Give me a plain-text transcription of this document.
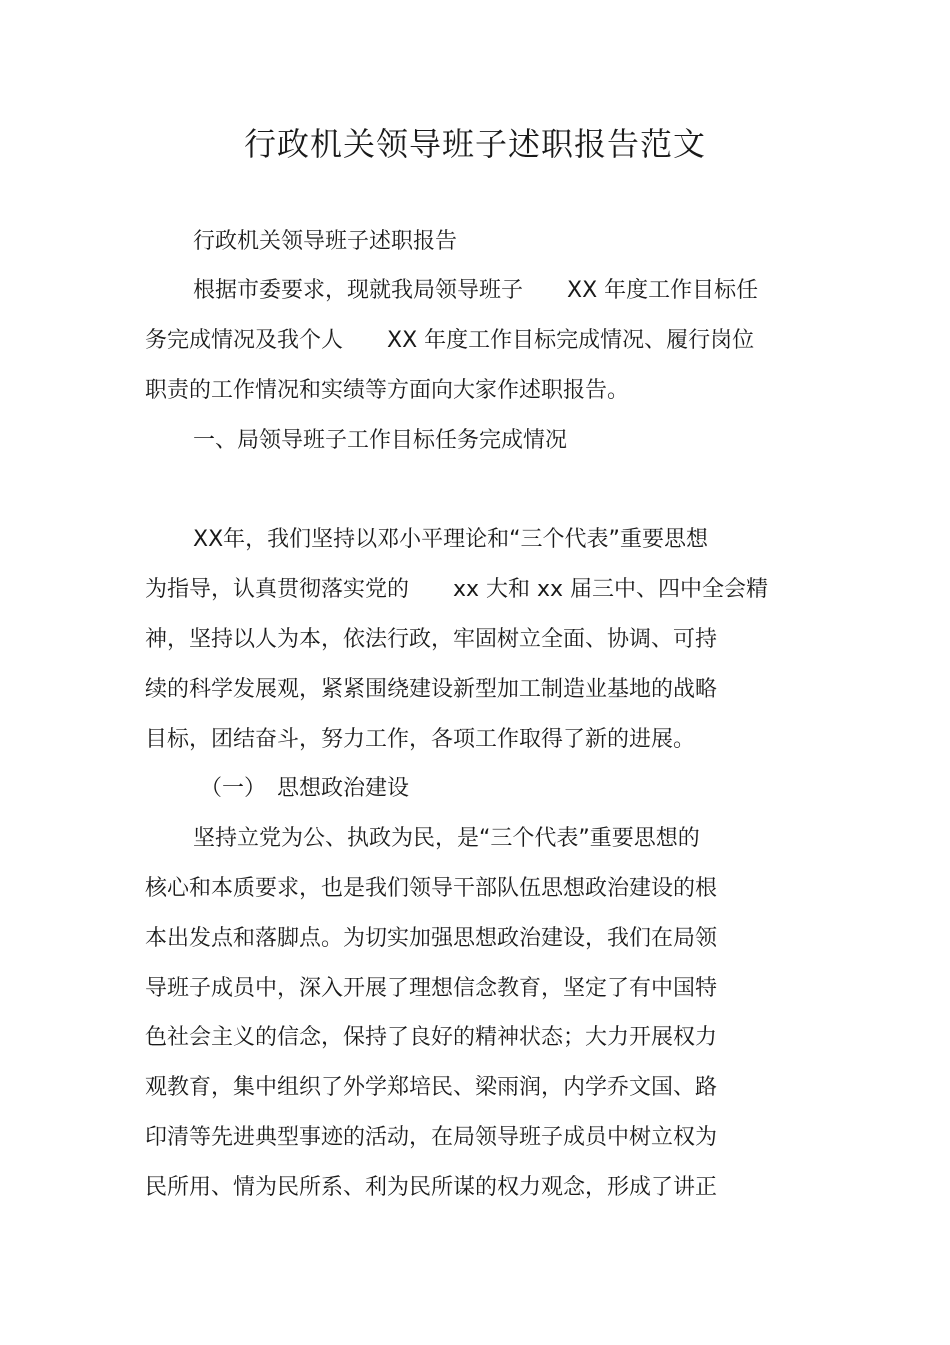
行政机关领导班子述职报告范文
行政机关领导班子述职报告
根据市委要求，现就我局领导班子　　XX 年度工作目标任
务完成情况及我个人　　XX 年度工作目标完成情况、履行岗位
职责的工作情况和实绩等方面向大家作述职报告。
一、局领导班子工作目标任务完成情况
XX年，我们坚持以邓小平理论和“三个代表”重要思想
为指导，认真贯彻落实党的　　xx 大和 xx 届三中、四中全会精
神，坚持以人为本，依法行政，牢固树立全面、协调、可持
续的科学发展观，紧紧围绕建设新型加工制造业基地的战略
目标，团结奋斗，努力工作，各项工作取得了新的进展。
（一）　思想政治建设
坚持立党为公、执政为民，是“三个代表”重要思想的
核心和本质要求，也是我们领导干部队伍思想政治建设的根
本出发点和落脚点。为切实加强思想政治建设，我们在局领
导班子成员中，深入开展了理想信念教育，坚定了有中国特
色社会主义的信念，保持了良好的精神状态；大力开展权力
观教育，集中组织了外学郑培民、梁雨润，内学乔文国、路
印清等先进典型事迹的活动，在局领导班子成员中树立权为
民所用、情为民所系、利为民所谋的权力观念，形成了讲正
